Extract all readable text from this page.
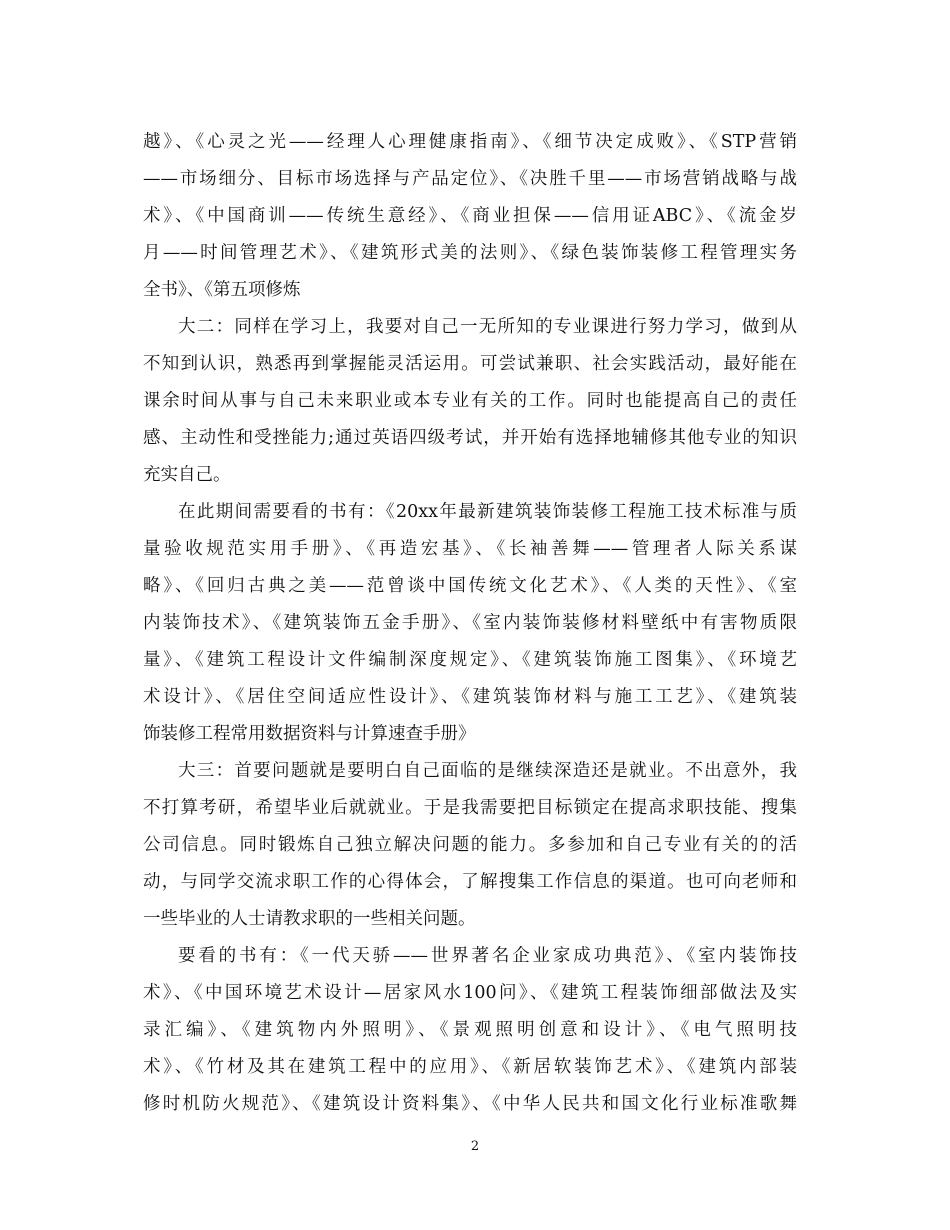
越》、《心灵之光——经理人心理健康指南》、《细节决定成败》、《STP营销
——市场细分、目标市场选择与产品定位》、《决胜千里——市场营销战略与战
术》、《中国商训——传统生意经》、《商业担保——信用证ABC》、《流金岁
月——时间管理艺术》、《建筑形式美的法则》、《绿色装饰装修工程管理实务
全书》、《第五项修炼
大二：同样在学习上，我要对自己一无所知的专业课进行努力学习，做到从
不知到认识，熟悉再到掌握能灵活运用。可尝试兼职、社会实践活动，最好能在
课余时间从事与自己未来职业或本专业有关的工作。同时也能提高自己的责任
感、主动性和受挫能力;通过英语四级考试，并开始有选择地辅修其他专业的知识
充实自己。
在此期间需要看的书有：《20xx年最新建筑装饰装修工程施工技术标准与质
量验收规范实用手册》、《再造宏基》、《长袖善舞——管理者人际关系谋
略》、《回归古典之美——范曾谈中国传统文化艺术》、《人类的天性》、《室
内装饰技术》、《建筑装饰五金手册》、《室内装饰装修材料壁纸中有害物质限
量》、《建筑工程设计文件编制深度规定》、《建筑装饰施工图集》、《环境艺
术设计》、《居住空间适应性设计》、《建筑装饰材料与施工工艺》、《建筑装
饰装修工程常用数据资料与计算速查手册》
大三：首要问题就是要明白自己面临的是继续深造还是就业。不出意外，我
不打算考研，希望毕业后就就业。于是我需要把目标锁定在提高求职技能、搜集
公司信息。同时锻炼自己独立解决问题的能力。多参加和自己专业有关的的活
动，与同学交流求职工作的心得体会，了解搜集工作信息的渠道。也可向老师和
一些毕业的人士请教求职的一些相关问题。
要看的书有：《一代天骄——世界著名企业家成功典范》、《室内装饰技
术》、《中国环境艺术设计—居家风水100问》、《建筑工程装饰细部做法及实
录汇编》、《建筑物内外照明》、《景观照明创意和设计》、《电气照明技
术》、《竹材及其在建筑工程中的应用》、《新居软装饰艺术》、《建筑内部装
修时机防火规范》、《建筑设计资料集》、《中华人民共和国文化行业标准歌舞
2
